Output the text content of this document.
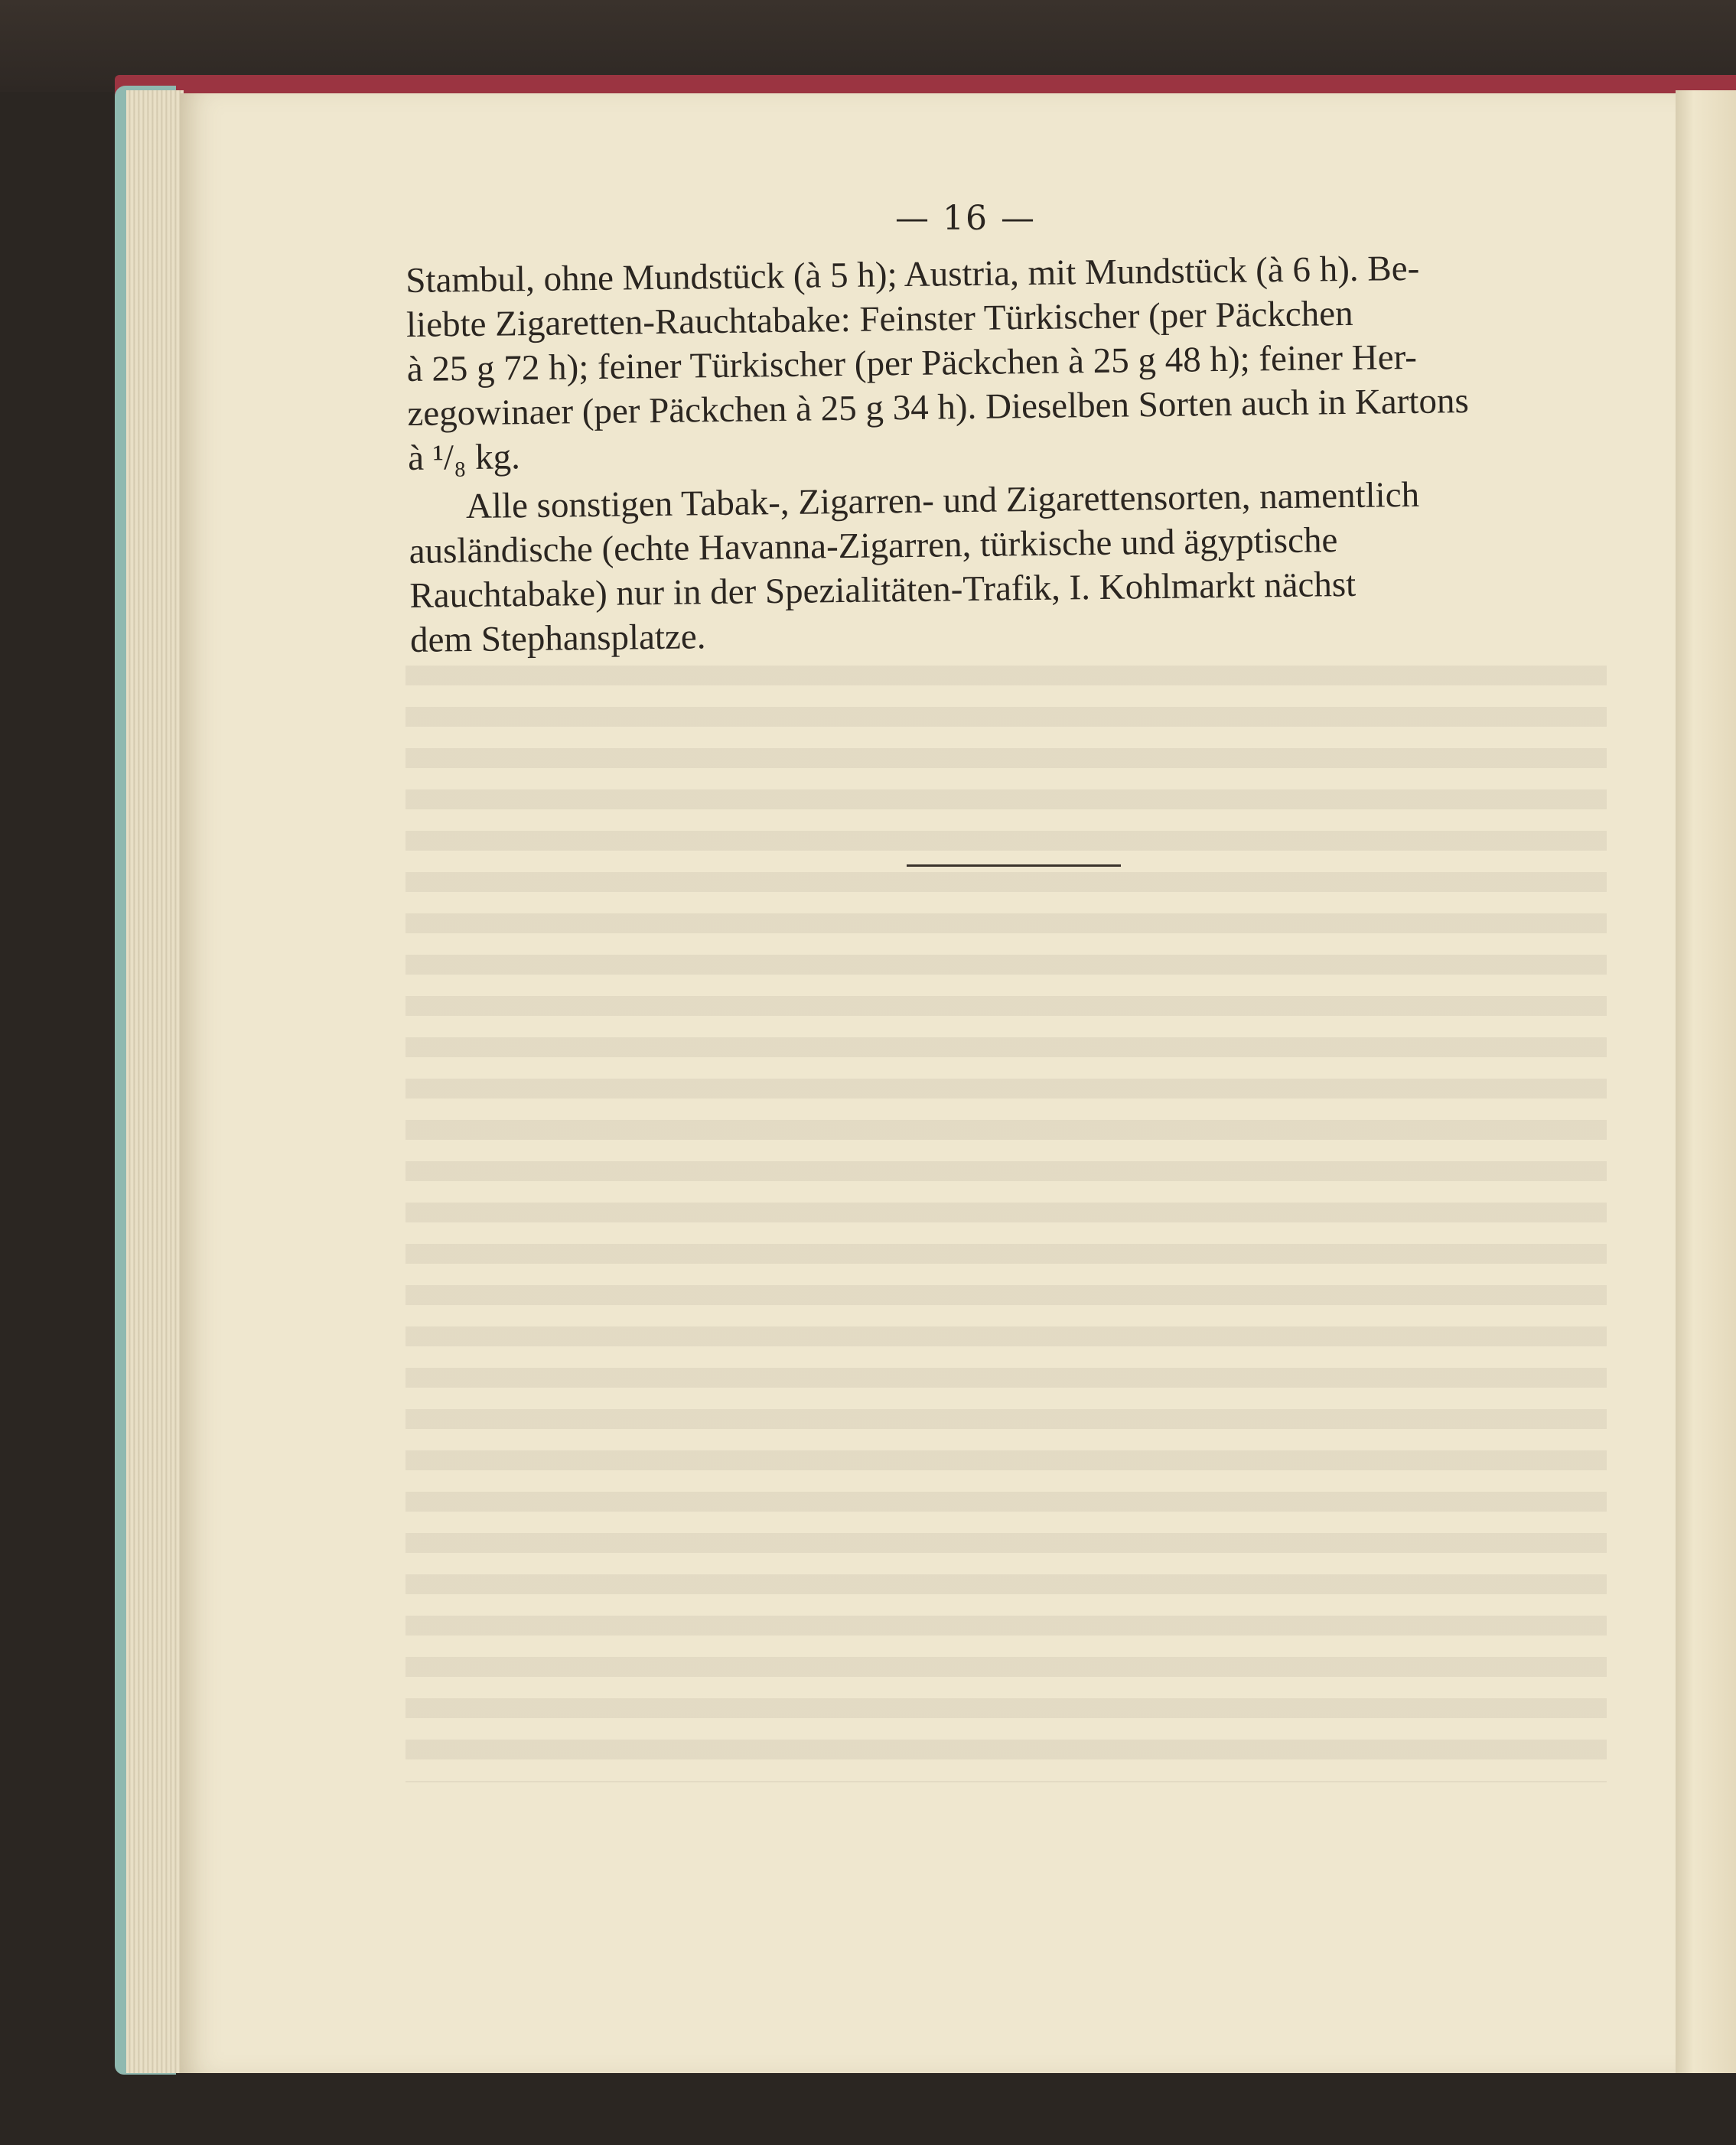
— 16 —
Stambul, ohne Mundstück (à 5 h); Austria, mit Mundstück (à 6 h). Be-
liebte Zigaretten-Rauchtabake: Feinster Türkischer (per Päckchen
à 25 g 72 h); feiner Türkischer (per Päckchen à 25 g 48 h); feiner Her-
zegowinaer (per Päckchen à 25 g 34 h). Dieselben Sorten auch in Kartons
à ¹/₈ kg.
Alle sonstigen Tabak-, Zigarren- und Zigarettensorten, namentlich
ausländische (echte Havanna-Zigarren, türkische und ägyptische
Rauchtabake) nur in der Spezialitäten-Trafik, I. Kohlmarkt nächst
dem Stephansplatze.
